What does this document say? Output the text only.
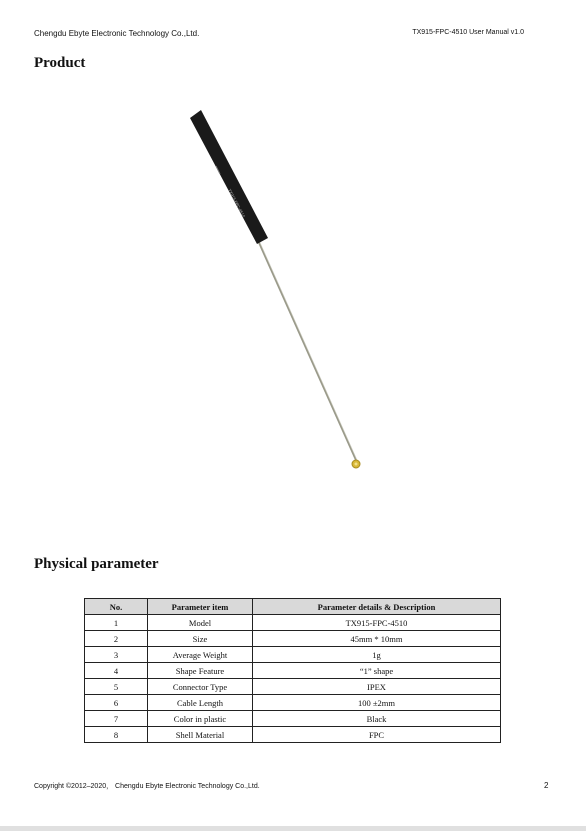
Chengdu Ebyte Electronic Technology Co.,Ltd.	TX915-FPC-4510 User Manual v1.0
Product
TX915-FPC-4510
Physical parameter
No.	Parameter item	Parameter details & Description
1	Model	TX915-FPC-4510
2	Size	45mm * 10mm
3	Average Weight	1g
4	Shape Feature	“1” shape
5	Connector Type	IPEX
6	Cable Length	100 ±2mm
7	Color in plastic	Black
8	Shell Material	FPC
Copyright ©2012–2020， Chengdu Ebyte Electronic Technology Co.,Ltd.	2
